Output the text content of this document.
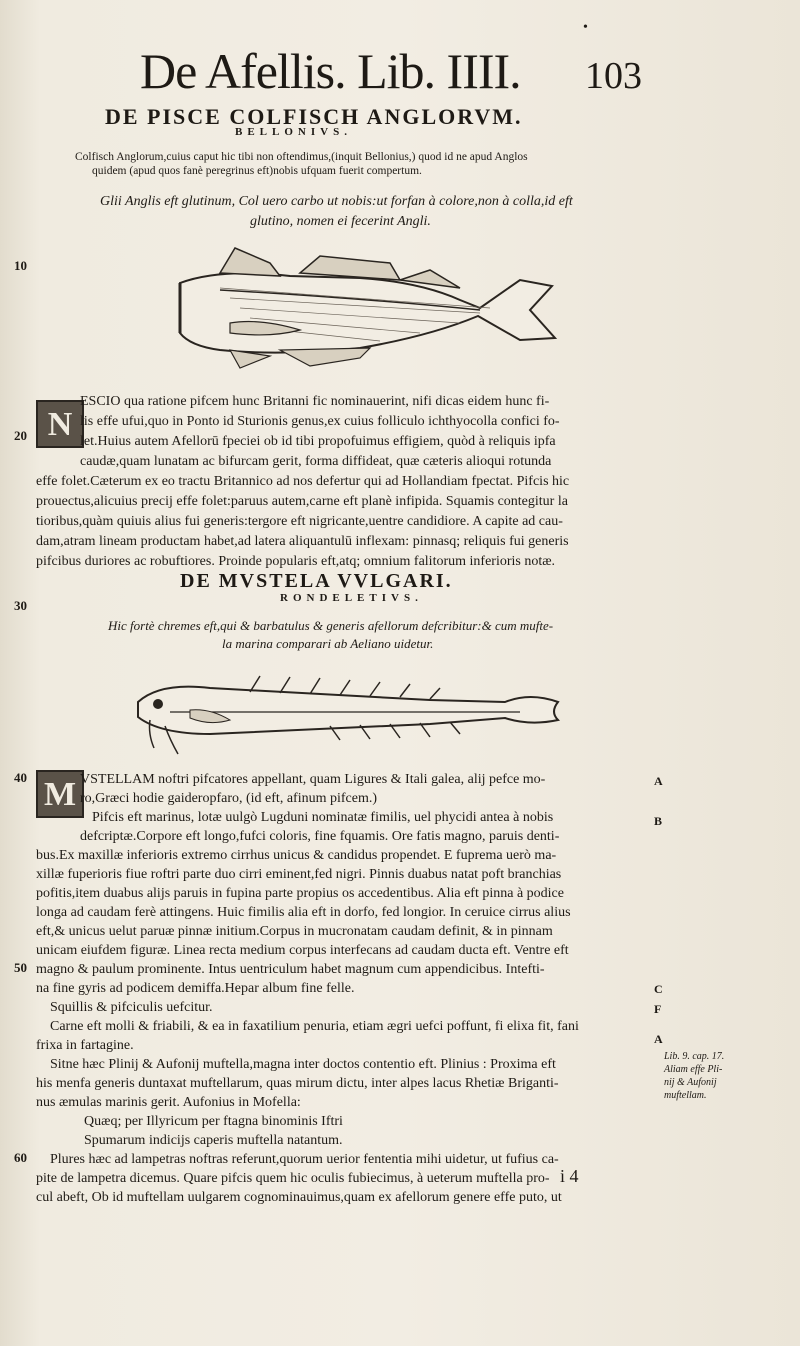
•
De Afellis. Lib. IIII. 103
DE PISCE COLFISCH ANGLORVM.
BELLONIVS.
Colfisch Anglorum,cuius caput hic tibi non oftendimus,(inquit Bellonius,) quod id ne apud Anglos
quidem (apud quos fanè peregrinus eft)nobis ufquam fuerit compertum.
Glii Anglis eft glutinum, Col uero carbo ut nobis:ut forfan à colore,non à colla,id eft
glutino, nomen ei fecerint Angli.
10
N
20
ESCIO qua ratione pifcem hunc Britanni fic nominauerint, nifi dicas eidem hunc fi-
lis effe ufui,quo in Ponto id Sturionis genus,ex cuius folliculo ichthyocolla confici fo-
let.Huius autem Afellorū fpeciei ob id tibi propofuimus effigiem, quòd à reliquis ipfa
caudæ,quam lunatam ac bifurcam gerit, forma diffideat, quæ cæteris alioqui rotunda
effe folet.Cæterum ex eo tractu Britannico ad nos defertur qui ad Hollandiam fpectat. Pifcis hic
prouectus,alicuius precij effe folet:paruus autem,carne eft planè infipida. Squamis contegitur la
tioribus,quàm quiuis alius fui generis:tergore eft nigricante,uentre candidiore. A capite ad cau-
dam,atram lineam productam habet,ad latera aliquantulū inflexam: pinnasq; reliquis fui generis
pifcibus duriores ac robuftiores. Proinde popularis eft,atq; omnium falitorum inferioris notæ.
DE MVSTELA VVLGARI.
RONDELETIVS.
30
Hic fortè chremes eft,qui & barbatulus & generis afellorum defcribitur:& cum mufte-
la marina comparari ab Aeliano uidetur.
40 M VSTELLAM noftri pifcatores appellant, quam Ligures & Itali galea, alij pefce mo-
ro,Græci hodie gaideropfaro, (id eft, afinum pifcem.)
Pifcis eft marinus, lotæ uulgò Lugduni nominatæ fimilis, uel phycidi antea à nobis
defcriptæ.Corpore eft longo,fufci coloris, fine fquamis. Ore fatis magno, paruis denti-
bus.Ex maxillæ inferioris extremo cirrhus unicus & candidus propendet. E fuprema uerò ma-
xillæ fuperioris fiue roftri parte duo cirri eminent,fed nigri. Pinnis duabus natat poft branchias
pofitis,item duabus alijs paruis in fupina parte propius os accedentibus. Alia eft pinna à podice
longa ad caudam ferè attingens. Huic fimilis alia eft in dorfo, fed longior. In ceruice cirrus alius
eft,& unicus uelut paruæ pinnæ initium.Corpus in mucronatam caudam definit, & in pinnam
unicam eiufdem figuræ. Linea recta medium corpus interfecans ad caudam ducta eft. Ventre eft
50 magno & paulum prominente. Intus uentriculum habet magnum cum appendicibus. Intefti-
na fine gyris ad podicem demiffa.Hepar album fine felle.
Squillis & pifciculis uefcitur.
Carne eft molli & friabili, & ea in faxatilium penuria, etiam ægri uefci poffunt, fi elixa fit, fani
frixa in fartagine.
Sitne hæc Plinij & Aufonij muftella,magna inter doctos contentio eft. Plinius : Proxima eft
his menfa generis duntaxat muftellarum, quas mirum dictu, inter alpes lacus Rhetiæ Briganti-
nus æmulas marinis gerit. Aufonius in Mofella:
Quæq; per Illyricum per ftagna binominis Iftri
Spumarum indicijs caperis muftella natantum.
60 Plures hæc ad lampetras noftras referunt,quorum uerior fententia mihi uidetur, ut fufius ca-
pite de lampetra dicemus. Quare pifcis quem hic oculis fubiecimus, à ueterum muftella pro-
cul abeft, Ob id muftellam uulgarem cognominauimus,quam ex afellorum genere effe puto, ut
A
B
C
F
A
Lib. 9. cap. 17.
Aliam effe Pli-
nij & Aufonij
muftellam.
i 4
